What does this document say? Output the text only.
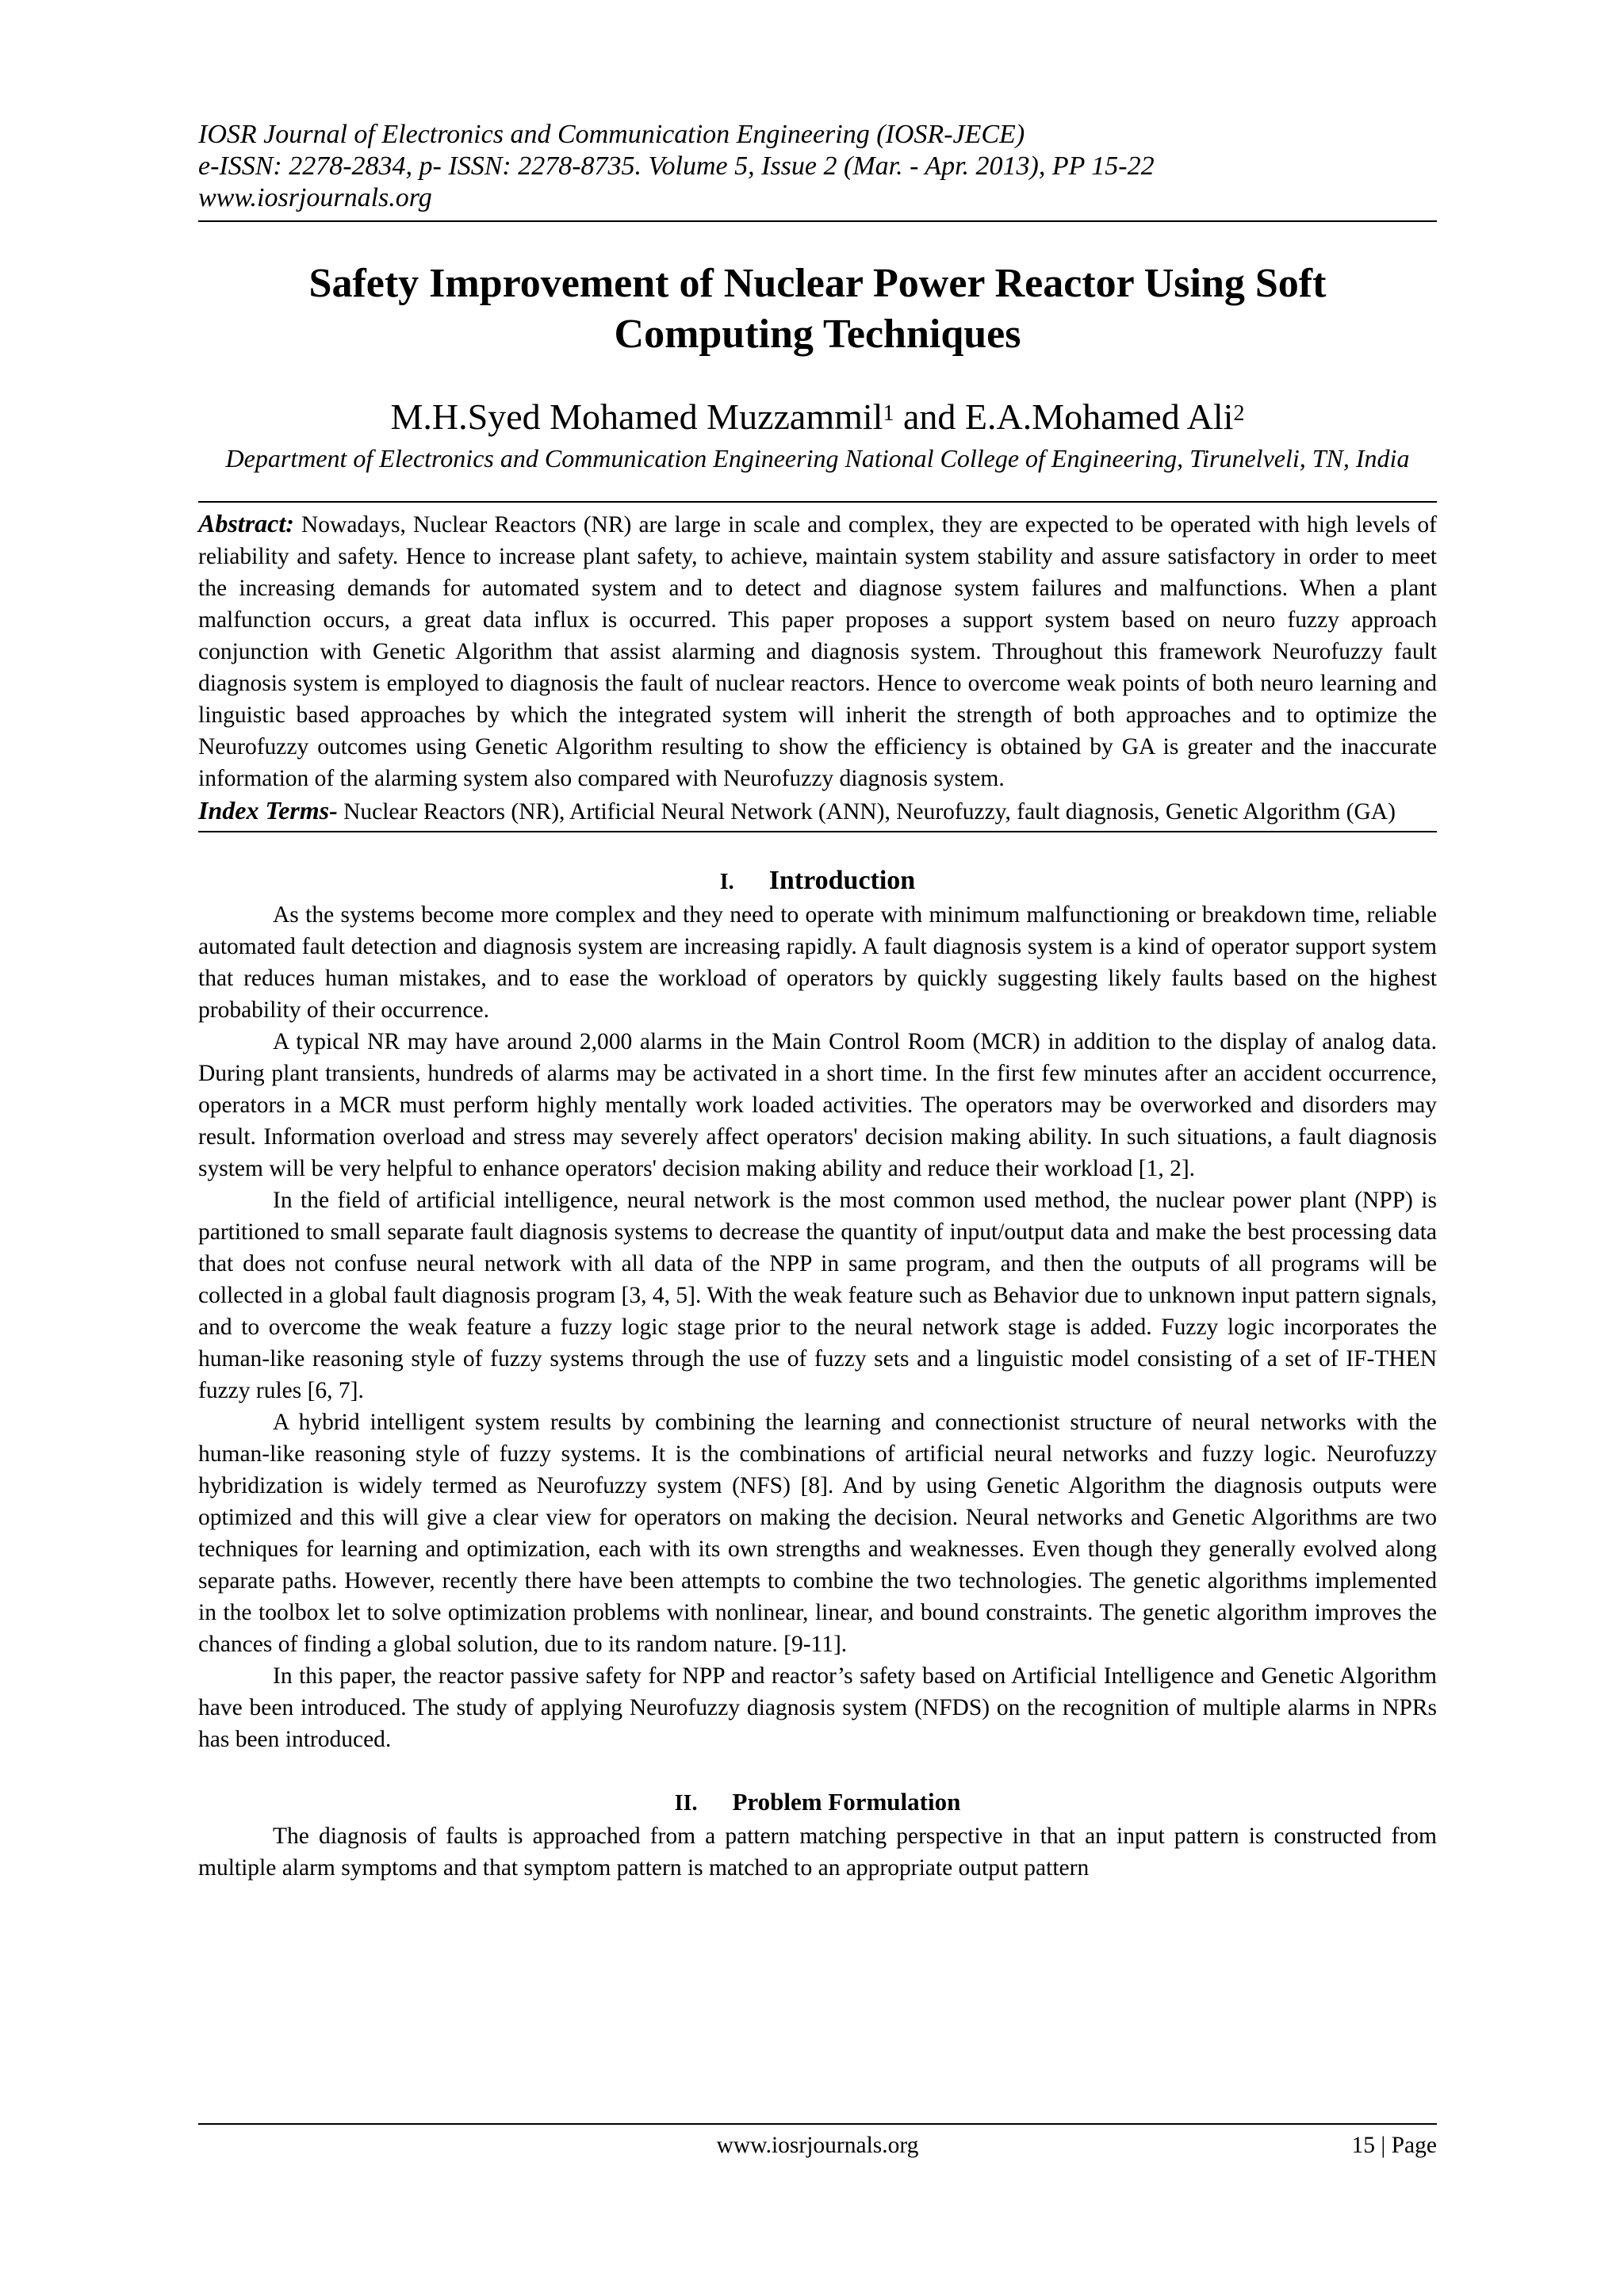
IOSR Journal of Electronics and Communication Engineering (IOSR-JECE)

e-ISSN: 2278-2834, p- ISSN: 2278-8735. Volume 5, Issue 2 (Mar. - Apr. 2013), PP 15-22

www.iosrjournals.org

Safety Improvement of Nuclear Power Reactor Using Soft Computing Techniques
M.H.Syed Mohamed Muzzammil$^1$ and E.A.Mohamed Ali$^2$
Department of Electronics and Communication Engineering National College of Engineering, Tirunelveli, TN, India

Abstract: Nowadays, Nuclear Reactors (NR) are large in scale and complex, they are expected to be operated with high levels of reliability and safety. Hence to increase plant safety, to achieve, maintain system stability and assure satisfactory in order to meet the increasing demands for automated system and to detect and diagnose system failures and malfunctions. When a plant malfunction occurs, a great data influx is occurred. This paper proposes a support system based on neuro fuzzy approach conjunction with Genetic Algorithm that assist alarming and diagnosis system. Throughout this framework Neurofuzzy fault diagnosis system is employed to diagnosis the fault of nuclear reactors. Hence to overcome weak points of both neuro learning and linguistic based approaches by which the integrated system will inherit the strength of both approaches and to optimize the Neurofuzzy outcomes using Genetic Algorithm resulting to show the efficiency is obtained by GA is greater and the inaccurate information of the alarming system also compared with Neurofuzzy diagnosis system.

Index Terms- Nuclear Reactors (NR), Artificial Neural Network (ANN), Neurofuzzy, fault diagnosis, Genetic Algorithm (GA)

I. Introduction

As the systems become more complex and they need to operate with minimum malfunctioning or breakdown time, reliable automated fault detection and diagnosis system are increasing rapidly. A fault diagnosis system is a kind of operator support system that reduces human mistakes, and to ease the workload of operators by quickly suggesting likely faults based on the highest probability of their occurrence.

A typical NR may have around 2,000 alarms in the Main Control Room (MCR) in addition to the display of analog data. During plant transients, hundreds of alarms may be activated in a short time. In the first few minutes after an accident occurrence, operators in a MCR must perform highly mentally work loaded activities. The operators may be overworked and disorders may result. Information overload and stress may severely affect operators' decision making ability. In such situations, a fault diagnosis system will be very helpful to enhance operators' decision making ability and reduce their workload [1, 2].

In the field of artificial intelligence, neural network is the most common used method, the nuclear power plant (NPP) is partitioned to small separate fault diagnosis systems to decrease the quantity of input/output data and make the best processing data that does not confuse neural network with all data of the NPP in same program, and then the outputs of all programs will be collected in a global fault diagnosis program [3, 4, 5]. With the weak feature such as Behavior due to unknown input pattern signals, and to overcome the weak feature a fuzzy logic stage prior to the neural network stage is added. Fuzzy logic incorporates the human-like reasoning style of fuzzy systems through the use of fuzzy sets and a linguistic model consisting of a set of IF-THEN fuzzy rules [6, 7].

A hybrid intelligent system results by combining the learning and connectionist structure of neural networks with the human-like reasoning style of fuzzy systems. It is the combinations of artificial neural networks and fuzzy logic. Neurofuzzy hybridization is widely termed as Neurofuzzy system (NFS) [8]. And by using Genetic Algorithm the diagnosis outputs were optimized and this will give a clear view for operators on making the decision. Neural networks and Genetic Algorithms are two techniques for learning and optimization, each with its own strengths and weaknesses. Even though they generally evolved along separate paths. However, recently there have been attempts to combine the two technologies. The genetic algorithms implemented in the toolbox let to solve optimization problems with nonlinear, linear, and bound constraints. The genetic algorithm improves the chances of finding a global solution, due to its random nature. [9-11].

In this paper, the reactor passive safety for NPP and reactor’s safety based on Artificial Intelligence and Genetic Algorithm have been introduced. The study of applying Neurofuzzy diagnosis system (NFDS) on the recognition of multiple alarms in NPRs has been introduced.

II. Problem Formulation

The diagnosis of faults is approached from a pattern matching perspective in that an input pattern is constructed from multiple alarm symptoms and that symptom pattern is matched to an appropriate output pattern

www.iosrjournals.org	15 | Page
